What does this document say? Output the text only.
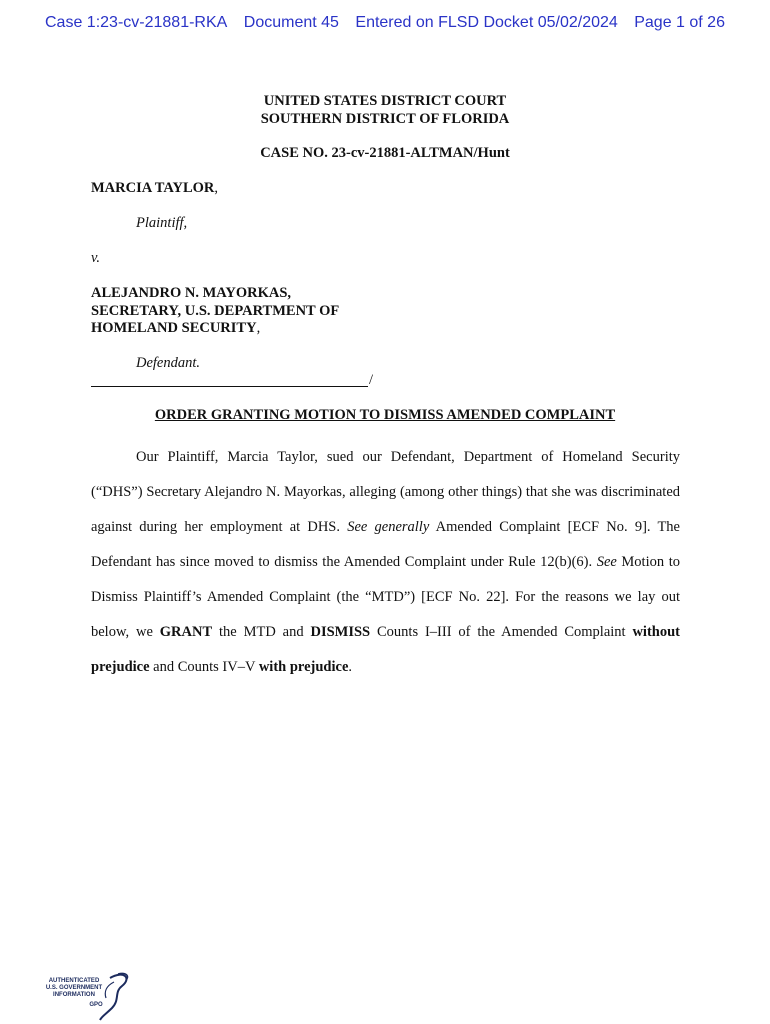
Case 1:23-cv-21881-RKA Document 45 Entered on FLSD Docket 05/02/2024 Page 1 of 26
UNITED STATES DISTRICT COURT
SOUTHERN DISTRICT OF FLORIDA
CASE NO. 23-cv-21881-ALTMAN/Hunt
MARCIA TAYLOR,
Plaintiff,
v.
ALEJANDRO N. MAYORKAS,
SECRETARY, U.S. DEPARTMENT OF
HOMELAND SECURITY,
Defendant.
/
ORDER GRANTING MOTION TO DISMISS AMENDED COMPLAINT

Our Plaintiff, Marcia Taylor, sued our Defendant, Department of Homeland Security (“DHS”) Secretary Alejandro N. Mayorkas, alleging (among other things) that she was discriminated against during her employment at DHS. See generally Amended Complaint [ECF No. 9]. The Defendant has since moved to dismiss the Amended Complaint under Rule 12(b)(6). See Motion to Dismiss Plaintiff’s Amended Complaint (the “MTD”) [ECF No. 22]. For the reasons we lay out below, we GRANT the MTD and DISMISS Counts I–III of the Amended Complaint without prejudice and Counts IV–V with prejudice.

AUTHENTICATED
U.S. GOVERNMENT
INFORMATION
GPO
